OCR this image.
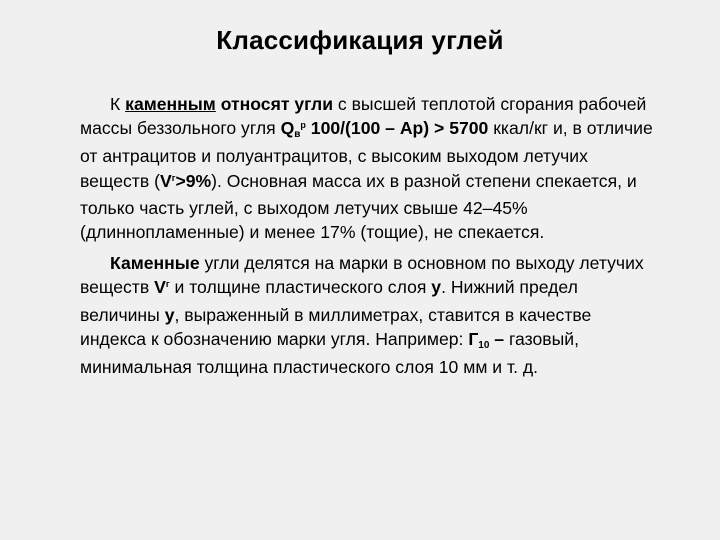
Классификация углей

К каменным относят угли с высшей теплотой сгорания рабочей массы беззольного угля $Qв^р$ 100/(100 – Ар) > 5700 ккал/кг и, в отличие от антрацитов и полуантрацитов, с высоким выходом летучих веществ $(V^г>9\%)$. Основная масса их в разной степени спекается, и только часть углей, с выходом летучих свыше 42–45% (длиннопламенные) и менее 17% (тощие), не спекается.

Каменные угли делятся на марки в основном по выходу летучих веществ $V^г$ и толщине пластического слоя у. Нижний предел величины у, выраженный в миллиметрах, ставится в качестве индекса к обозначению марки угля. Например: Г10 – газовый, минимальная толщина пластического слоя 10 мм и т. д.
